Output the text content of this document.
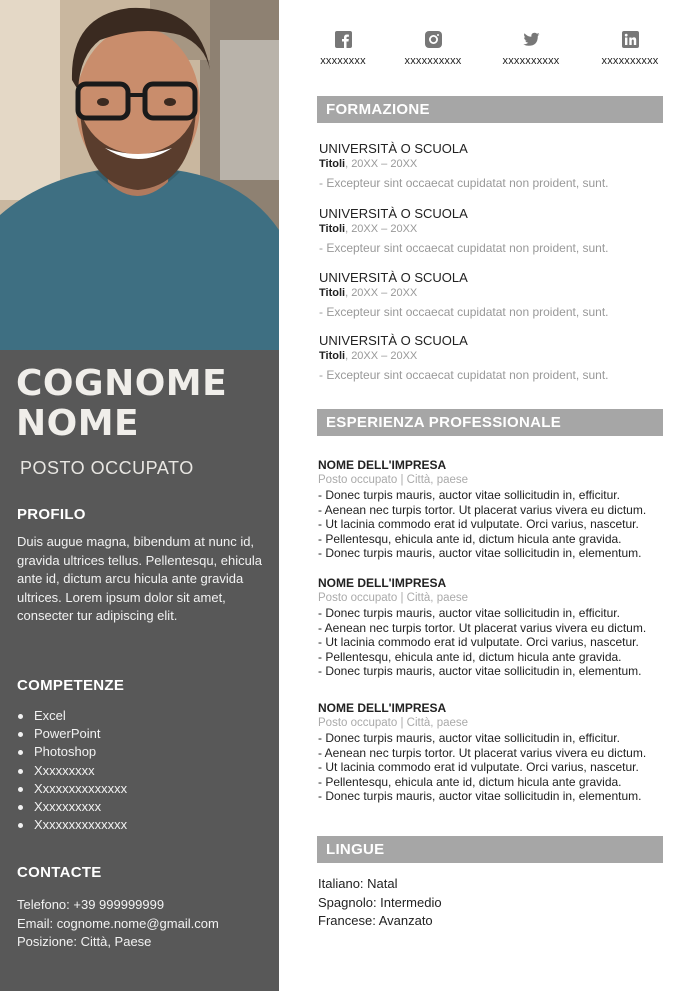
COGNOME
NOME
POSTO OCCUPATO
PROFILO
Duis augue magna, bibendum at nunc id, gravida ultrices tellus. Pellentesqu, ehicula ante id, dictum arcu hicula ante gravida ultrices. Lorem ipsum dolor sit amet, consecter tur adipiscing elit.
COMPETENZE
Excel
PowerPoint
Photoshop
Xxxxxxxxx
Xxxxxxxxxxxxxx
Xxxxxxxxxx
Xxxxxxxxxxxxxx
CONTACTE
Telefono: +39 999999999
Email: cognome.nome@gmail.com
Posizione: Città, Paese
xxxxxxxx	xxxxxxxxxx	xxxxxxxxxx	xxxxxxxxxx
FORMAZIONE
UNIVERSITÀ O SCUOLA
Titoli, 20XX – 20XX
- Excepteur sint occaecat cupidatat non proident, sunt.
UNIVERSITÀ O SCUOLA
Titoli, 20XX – 20XX
- Excepteur sint occaecat cupidatat non proident, sunt.
UNIVERSITÀ O SCUOLA
Titoli, 20XX – 20XX
- Excepteur sint occaecat cupidatat non proident, sunt.
UNIVERSITÀ O SCUOLA
Titoli, 20XX – 20XX
- Excepteur sint occaecat cupidatat non proident, sunt.
ESPERIENZA PROFESSIONALE
NOME DELL'IMPRESA
Posto occupato | Città, paese
- Donec turpis mauris, auctor vitae sollicitudin in, efficitur.
- Aenean nec turpis tortor. Ut placerat varius vivera eu dictum.
- Ut lacinia commodo erat id vulputate. Orci varius, nascetur.
- Pellentesqu, ehicula ante id, dictum hicula ante gravida.
- Donec turpis mauris, auctor vitae sollicitudin in, elementum.
NOME DELL'IMPRESA
Posto occupato | Città, paese
- Donec turpis mauris, auctor vitae sollicitudin in, efficitur.
- Aenean nec turpis tortor. Ut placerat varius vivera eu dictum.
- Ut lacinia commodo erat id vulputate. Orci varius, nascetur.
- Pellentesqu, ehicula ante id, dictum hicula ante gravida.
- Donec turpis mauris, auctor vitae sollicitudin in, elementum.
NOME DELL'IMPRESA
Posto occupato | Città, paese
- Donec turpis mauris, auctor vitae sollicitudin in, efficitur.
- Aenean nec turpis tortor. Ut placerat varius vivera eu dictum.
- Ut lacinia commodo erat id vulputate. Orci varius, nascetur.
- Pellentesqu, ehicula ante id, dictum hicula ante gravida.
- Donec turpis mauris, auctor vitae sollicitudin in, elementum.
LINGUE
Italiano: Natal
Spagnolo: Intermedio
Francese: Avanzato
